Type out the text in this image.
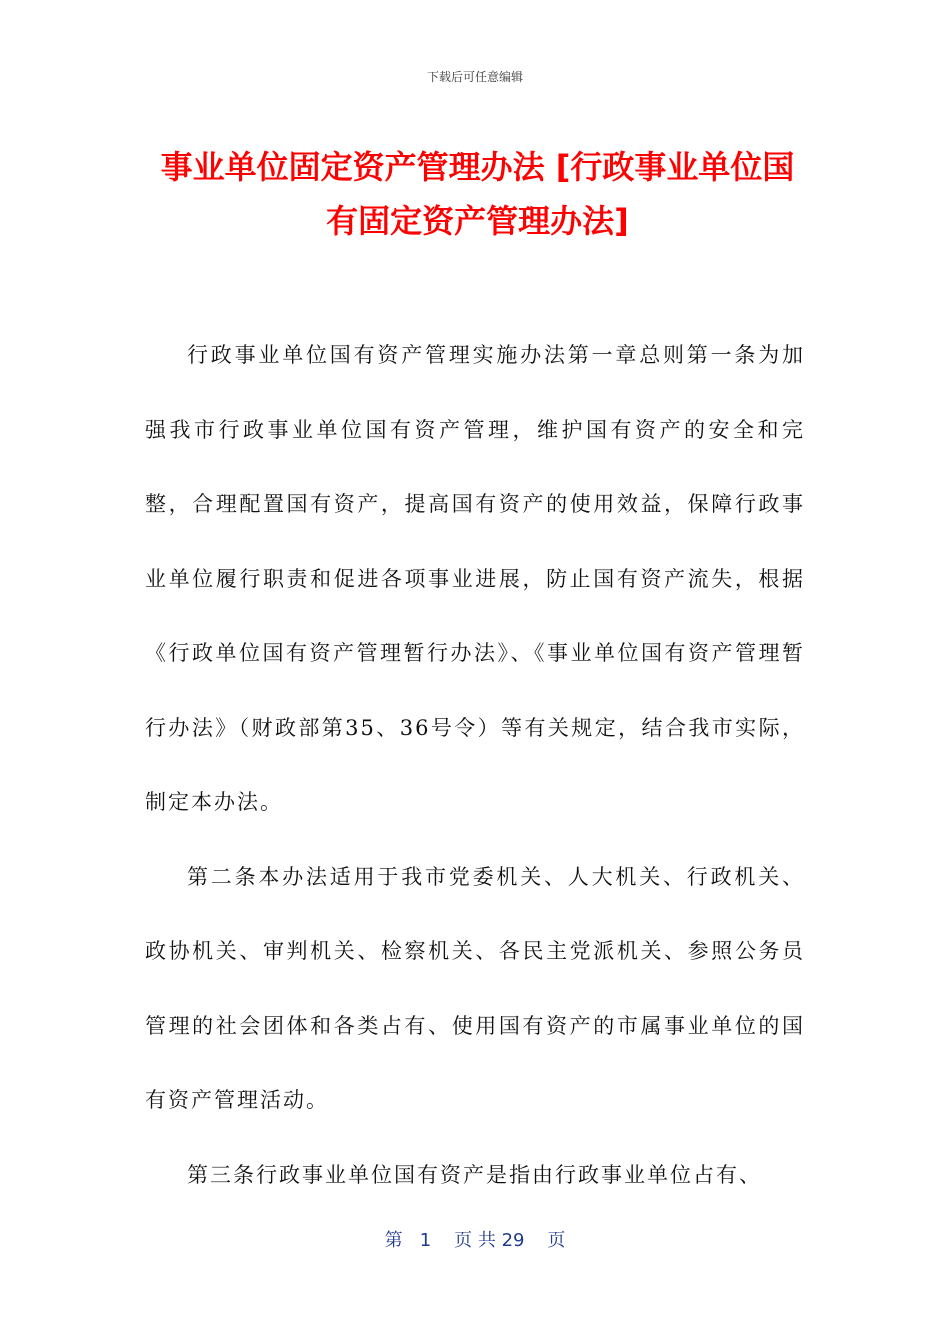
下载后可任意编辑
事业单位固定资产管理办法 [行政事业单位国有固定资产管理办法]

行政事业单位国有资产管理实施办法第一章总则第一条为加强我市行政事业单位国有资产管理，维护国有资产的安全和完整，合理配置国有资产，提高国有资产的使用效益，保障行政事业单位履行职责和促进各项事业进展，防止国有资产流失，根据《行政单位国有资产管理暂行办法》、《事业单位国有资产管理暂行办法》（财政部第35、36号令）等有关规定，结合我市实际，制定本办法。

第二条本办法适用于我市党委机关、人大机关、行政机关、政协机关、审判机关、检察机关、各民主党派机关、参照公务员管理的社会团体和各类占有、使用国有资产的市属事业单位的国有资产管理活动。

第三条行政事业单位国有资产是指由行政事业单位占有、

第 1 页 共 29 页
